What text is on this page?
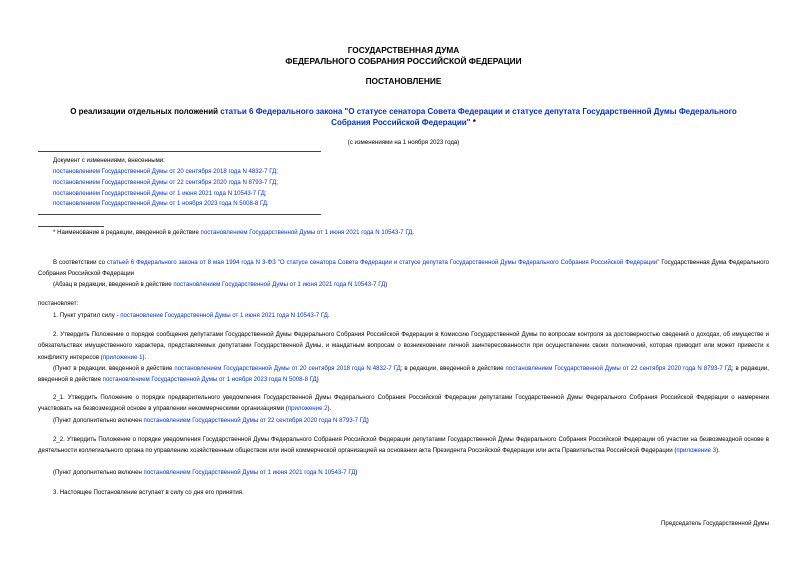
ГОСУДАРСТВЕННАЯ ДУМА
ФЕДЕРАЛЬНОГО СОБРАНИЯ РОССИЙСКОЙ ФЕДЕРАЦИИ
ПОСТАНОВЛЕНИЕ
О реализации отдельных положений статьи 6 Федерального закона "О статусе сенатора Совета Федерации и статусе депутата Государственной Думы Федерального Собрания Российской Федерации" *
(с изменениями на 1 ноября 2023 года)
Документ с изменениями, внесенными:
постановлением Государственной Думы от 20 сентября 2018 года N 4832-7 ГД;
постановлением Государственной Думы от 22 сентября 2020 года N 8793-7 ГД;
постановлением Государственной Думы от 1 июня 2021 года N 10543-7 ГД;
постановлением Государственной Думы от 1 ноября 2023 года N 5008-8 ГД.
* Наименование в редакции, введенной в действие постановлением Государственной Думы от 1 июня 2021 года N 10543-7 ГД.
В соответствии со статьей 6 Федерального закона от 8 мая 1994 года N 3-ФЗ "О статусе сенатора Совета Федерации и статусе депутата Государственной Думы Федерального Собрания Российской Федерации" Государственная Дума Федерального Собрания Российской Федерации
(Абзац в редакции, введенной в действие постановлением Государственной Думы от 1 июня 2021 года N 10543-7 ГД)
постановляет:
1. Пункт утратил силу - постановление Государственной Думы от 1 июня 2021 года N 10543-7 ГД.
2. Утвердить Положение о порядке сообщения депутатами Государственной Думы Федерального Собрания Российской Федерации в Комиссию Государственной Думы по вопросам контроля за достоверностью сведений о доходах, об имуществе и обязательствах имущественного характера, представляемых депутатами Государственной Думы, и мандатным вопросам о возникновении личной заинтересованности при осуществлении своих полномочий, которая приводит или может привести к конфликту интересов (приложение 1).
(Пункт в редакции, введенной в действие постановлением Государственной Думы от 20 сентября 2018 года N 4832-7 ГД; в редакции, введенной в действие постановлением Государственной Думы от 22 сентября 2020 года N 8793-7 ГД; в редакции, введенной в действие постановлением Государственной Думы от 1 ноября 2023 года N 5008-8 ГД)
2_1. Утвердить Положение о порядке предварительного уведомления Государственной Думы Федерального Собрания Российской Федерации депутатами Государственной Думы Федерального Собрания Российской Федерации о намерении участвовать на безвозмездной основе в управлении некоммерческими организациями (приложение 2).
(Пункт дополнительно включен постановлением Государственной Думы от 22 сентября 2020 года N 8793-7 ГД)
2_2. Утвердить Положение о порядке уведомления Государственной Думы Федерального Собрания Российской Федерации депутатами Государственной Думы Федерального Собрания Российской Федерации об участии на безвозмездной основе в деятельности коллегиального органа по управлению хозяйственным обществом или иной коммерческой организацией на основании акта Президента Российской Федерации или акта Правительства Российской Федерации (приложение 3).
(Пункт дополнительно включен постановлением Государственной Думы от 1 июня 2021 года N 10543-7 ГД)
3. Настоящее Постановление вступает в силу со дня его принятия.
Председатель Государственной Думы
